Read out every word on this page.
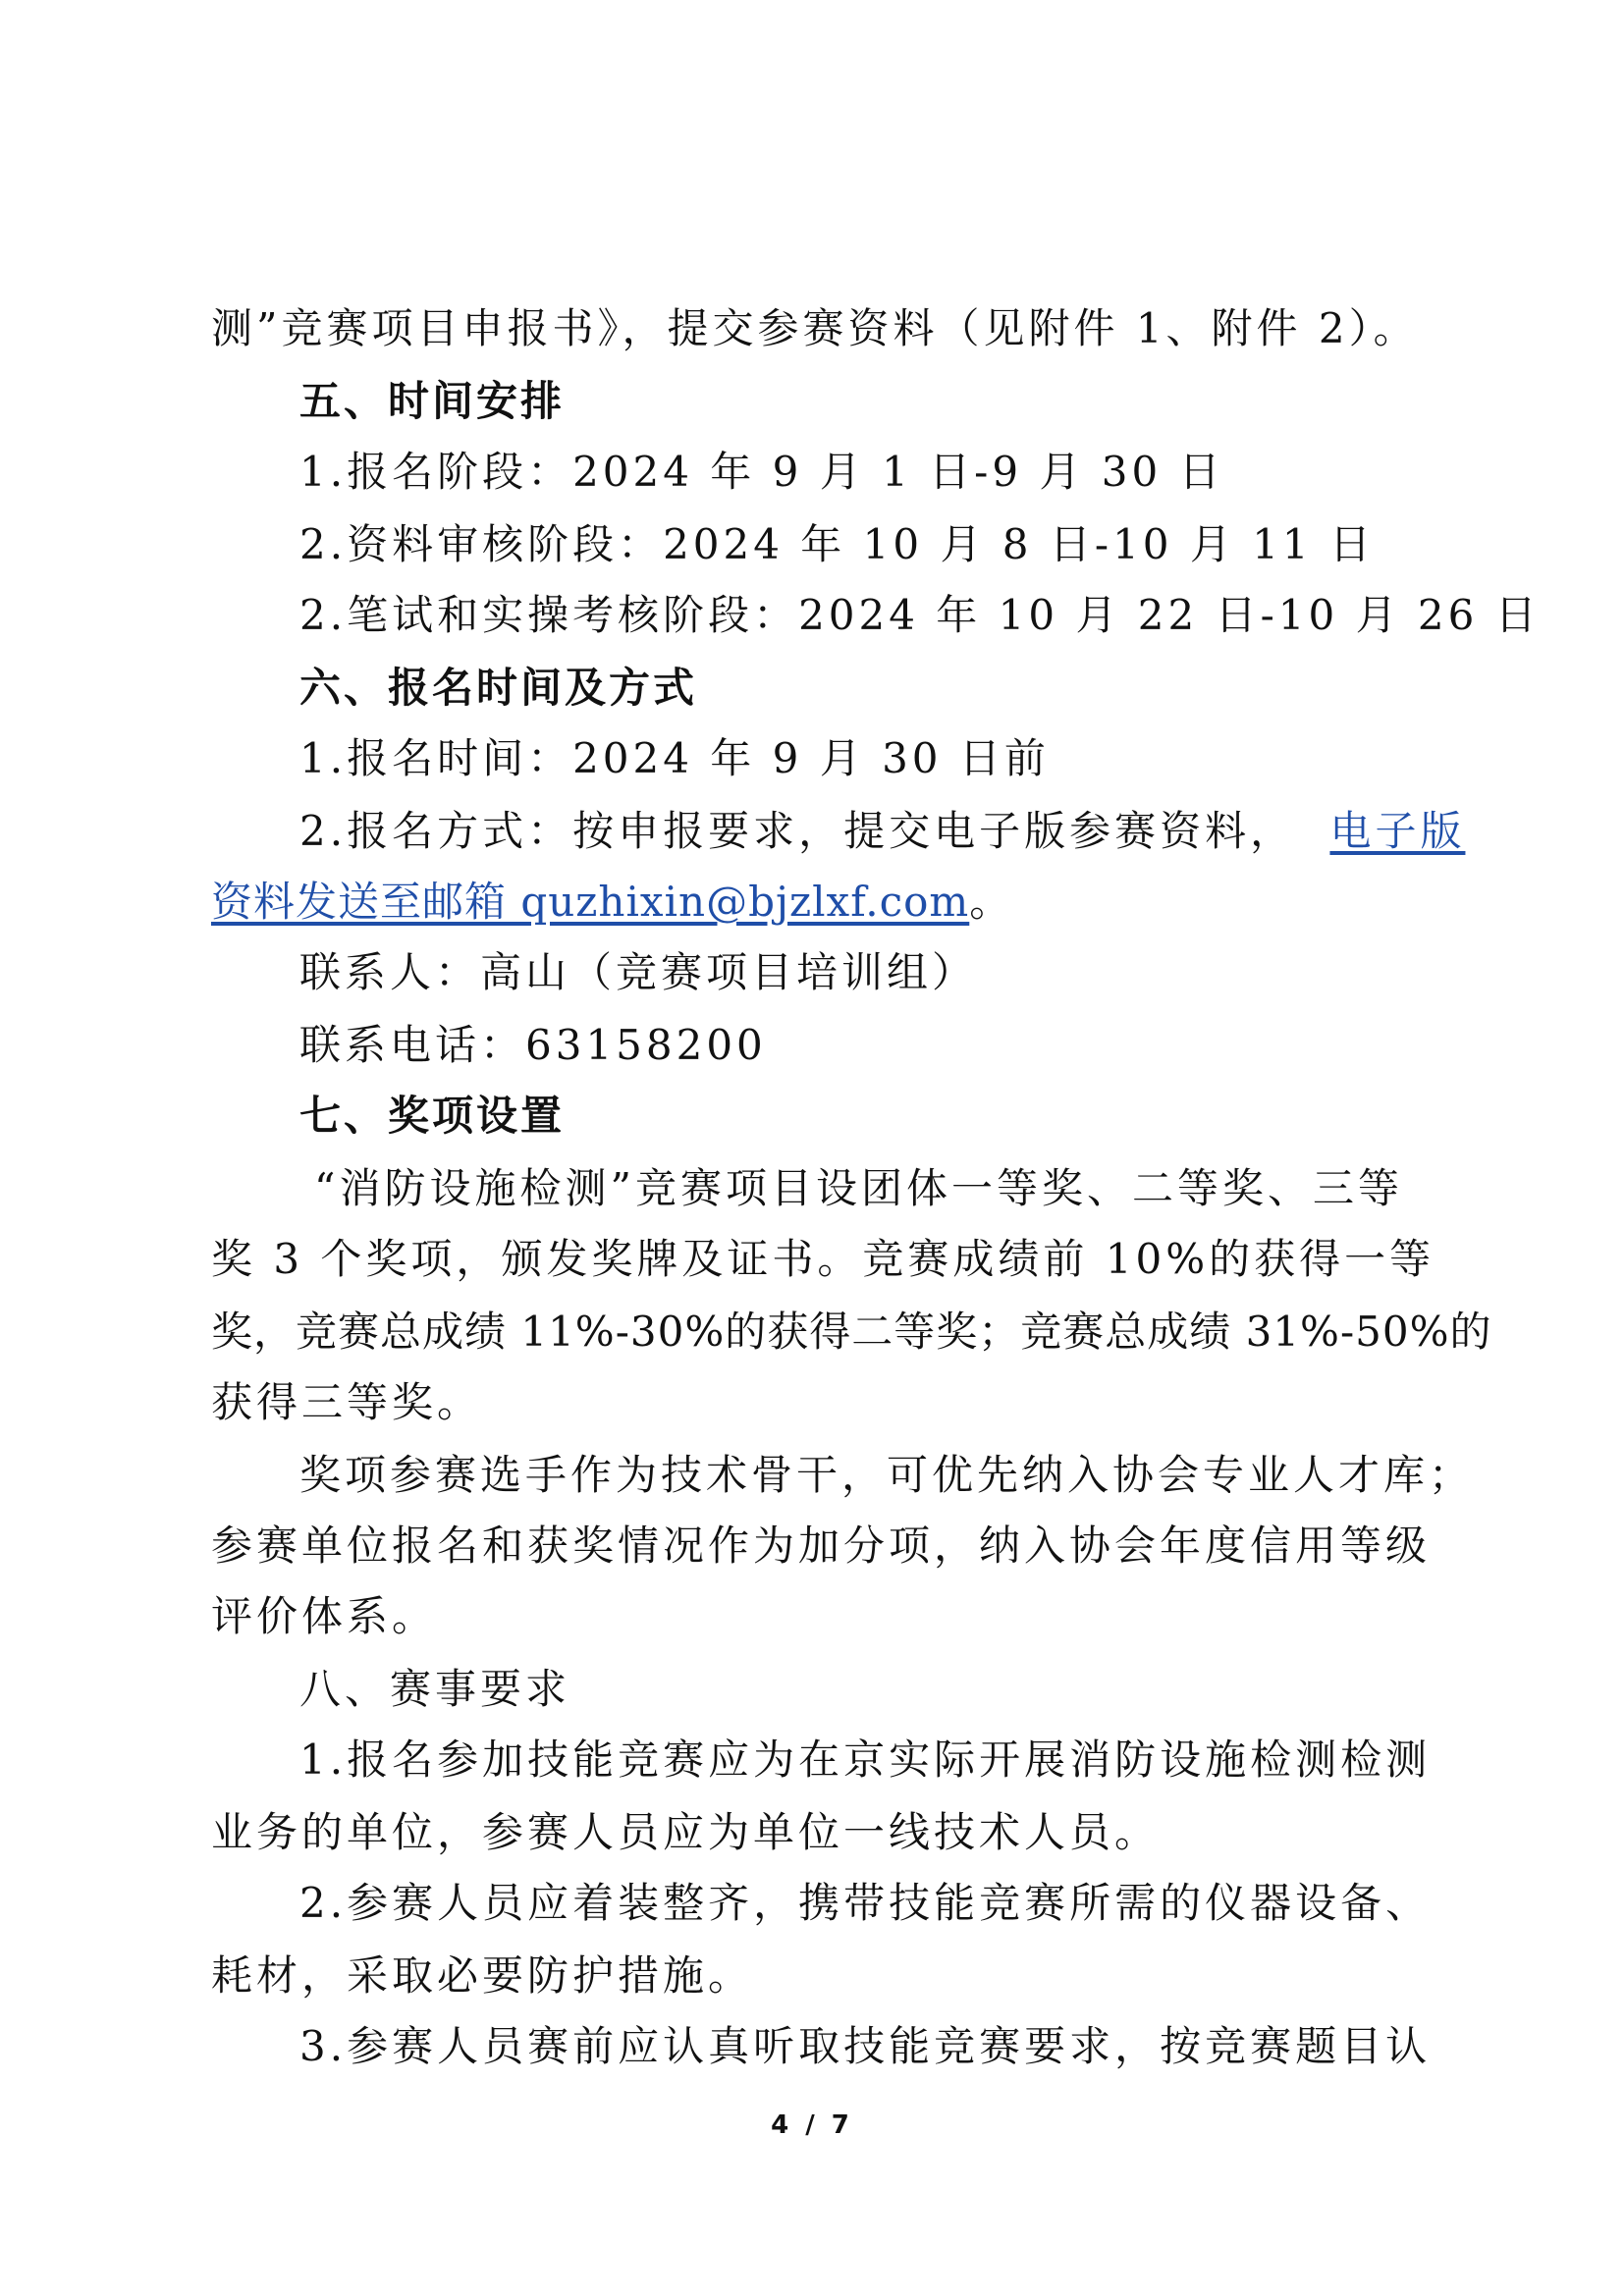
测”竞赛项目申报书》，提交参赛资料（见附件 1、附件 2）。
五、时间安排
1.报名阶段：2024 年 9 月 1 日-9 月 30 日
2.资料审核阶段：2024 年 10 月 8 日-10 月 11 日
2.笔试和实操考核阶段：2024 年 10 月 22 日-10 月 26 日
六、报名时间及方式
1.报名时间：2024 年 9 月 30 日前
2.报名方式：按申报要求，提交电子版参赛资料， 电子版
资料发送至邮箱 quzhixin@bjzlxf.com。
联系人：高山（竞赛项目培训组）
联系电话：63158200
七、奖项设置
“消防设施检测”竞赛项目设团体一等奖、二等奖、三等
奖 3 个奖项，颁发奖牌及证书。竞赛成绩前 10%的获得一等
奖，竞赛总成绩 11%-30%的获得二等奖；竞赛总成绩 31%-50%的
获得三等奖。
奖项参赛选手作为技术骨干，可优先纳入协会专业人才库；
参赛单位报名和获奖情况作为加分项，纳入协会年度信用等级
评价体系。
八、赛事要求
1.报名参加技能竞赛应为在京实际开展消防设施检测检测
业务的单位，参赛人员应为单位一线技术人员。
2.参赛人员应着装整齐，携带技能竞赛所需的仪器设备、
耗材，采取必要防护措施。
3.参赛人员赛前应认真听取技能竞赛要求，按竞赛题目认
4 / 7
